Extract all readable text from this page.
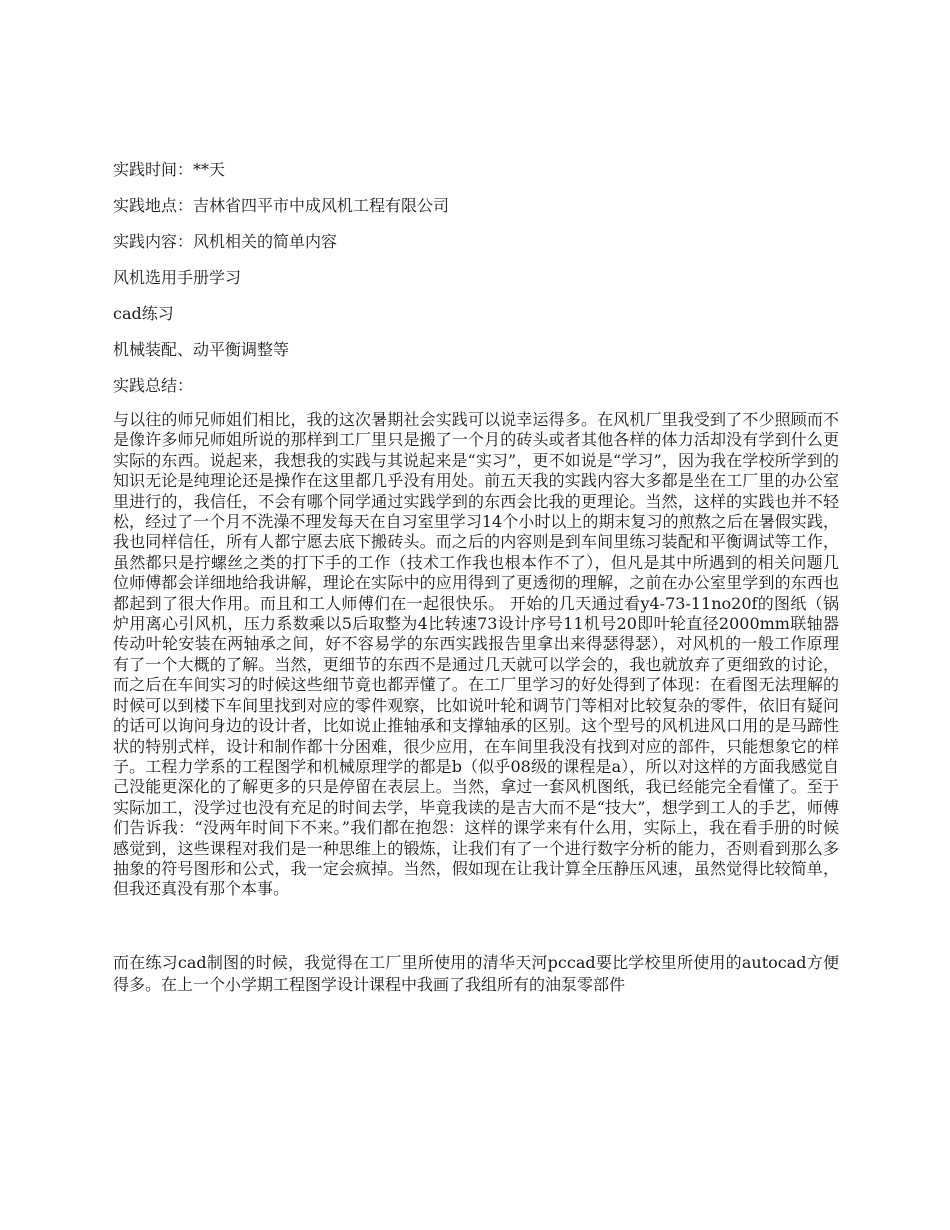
实践时间：**天
实践地点：吉林省四平市中成风机工程有限公司
实践内容：风机相关的简单内容
风机选用手册学习
cad练习
机械装配、动平衡调整等
实践总结：

与以往的师兄师姐们相比，我的这次暑期社会实践可以说幸运得多。在风机厂里我受到了不少照顾而不是像许多师兄师姐所说的那样到工厂里只是搬了一个月的砖头或者其他各样的体力活却没有学到什么更实际的东西。说起来，我想我的实践与其说起来是“实习”，更不如说是“学习”，因为我在学校所学到的知识无论是纯理论还是操作在这里都几乎没有用处。前五天我的实践内容大多都是坐在工厂里的办公室里进行的，我信任，不会有哪个同学通过实践学到的东西会比我的更理论。当然，这样的实践也并不轻松，经过了一个月不洗澡不理发每天在自习室里学习14个小时以上的期末复习的煎熬之后在暑假实践，我也同样信任，所有人都宁愿去底下搬砖头。而之后的内容则是到车间里练习装配和平衡调试等工作，虽然都只是拧螺丝之类的打下手的工作（技术工作我也根本作不了），但凡是其中所遇到的相关问题几位师傅都会详细地给我讲解，理论在实际中的应用得到了更透彻的理解，之前在办公室里学到的东西也都起到了很大作用。而且和工人师傅们在一起很快乐。 开始的几天通过看y4-73-11no20f的图纸（锅炉用离心引风机，压力系数乘以5后取整为4比转速73设计序号11机号20即叶轮直径2000mm联轴器传动叶轮安装在两轴承之间，好不容易学的东西实践报告里拿出来得瑟得瑟），对风机的一般工作原理有了一个大概的了解。当然，更细节的东西不是通过几天就可以学会的，我也就放弃了更细致的讨论，而之后在车间实习的时候这些细节竟也都弄懂了。在工厂里学习的好处得到了体现：在看图无法理解的时候可以到楼下车间里找到对应的零件观察，比如说叶轮和调节门等相对比较复杂的零件，依旧有疑问的话可以询问身边的设计者，比如说止推轴承和支撑轴承的区别。这个型号的风机进风口用的是马蹄性状的特别式样，设计和制作都十分困难，很少应用，在车间里我没有找到对应的部件，只能想象它的样子。工程力学系的工程图学和机械原理学的都是b（似乎08级的课程是a），所以对这样的方面我感觉自己没能更深化的了解更多的只是停留在表层上。当然，拿过一套风机图纸，我已经能完全看懂了。至于实际加工，没学过也没有充足的时间去学，毕竟我读的是吉大而不是“技大”，想学到工人的手艺，师傅们告诉我：“没两年时间下不来。”我们都在抱怨：这样的课学来有什么用，实际上，我在看手册的时候感觉到，这些课程对我们是一种思维上的锻炼，让我们有了一个进行数字分析的能力，否则看到那么多抽象的符号图形和公式，我一定会疯掉。当然，假如现在让我计算全压静压风速，虽然觉得比较简单，但我还真没有那个本事。

而在练习cad制图的时候，我觉得在工厂里所使用的清华天河pccad要比学校里所使用的autocad方便得多。在上一个小学期工程图学设计课程中我画了我组所有的油泵零部件
